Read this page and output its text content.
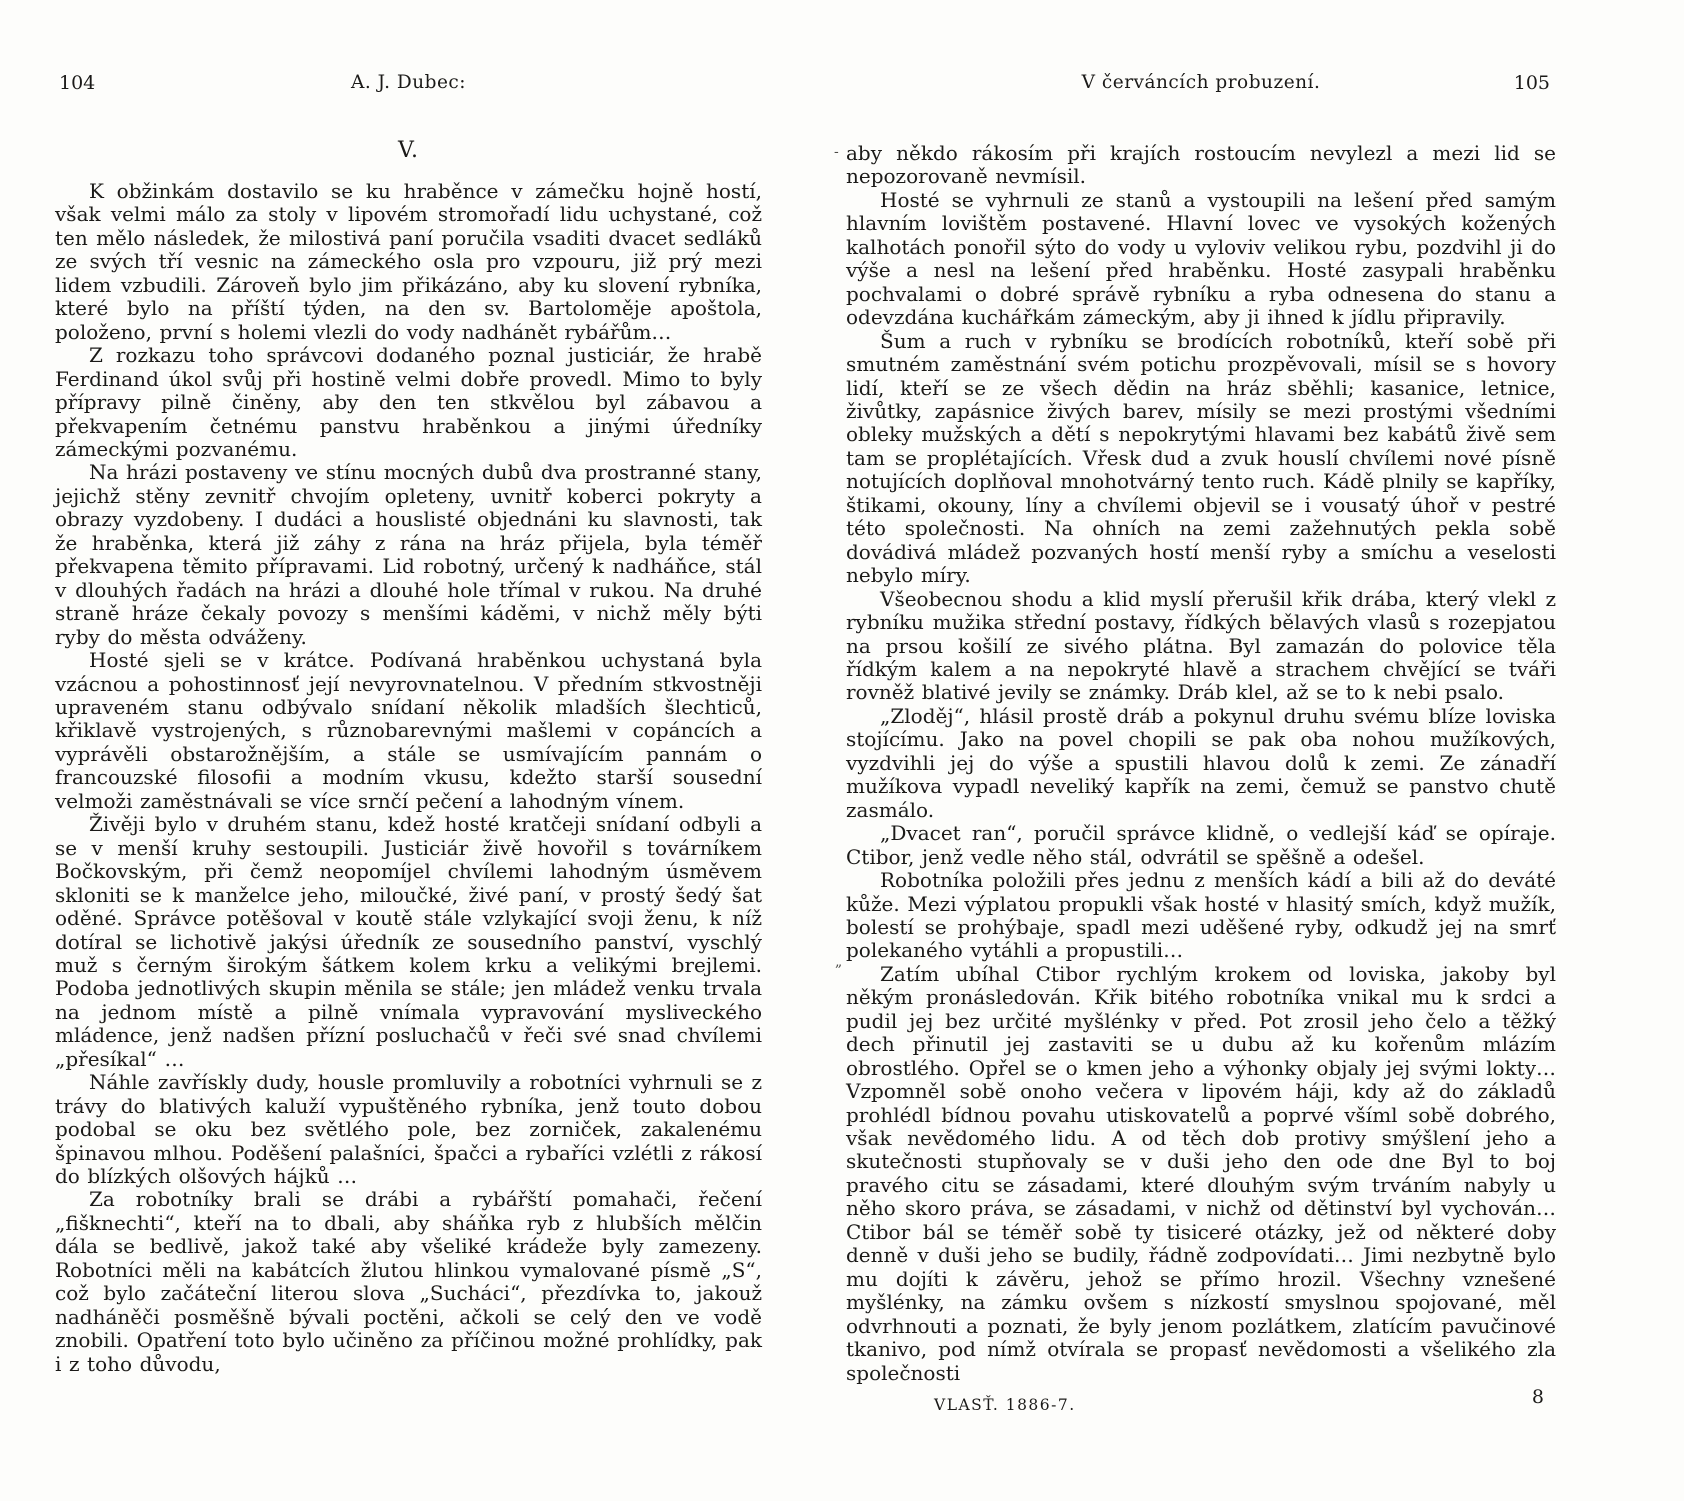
104	A. J. Dubec:
V.

K obžinkám dostavilo se ku hraběnce v zámečku hojně hostí, však velmi málo za stoly v lipovém stromořadí lidu uchystané, což ten mělo následek, že milostivá paní poručila vsaditi dvacet sedláků ze svých tří vesnic na zámeckého osla pro vzpouru, již prý mezi lidem vzbudili. Zároveň bylo jim přikázáno, aby ku slovení rybníka, které bylo na příští týden, na den sv. Bartoloměje apoštola, položeno, první s holemi vlezli do vody nadhánět rybářům…

Z rozkazu toho správcovi dodaného poznal justiciár, že hrabě Ferdinand úkol svůj při hostině velmi dobře provedl. Mimo to byly přípravy pilně činěny, aby den ten stkvělou byl zábavou a překvapením četnému panstvu hraběnkou a jinými úředníky zámeckými pozvanému.

Na hrázi postaveny ve stínu mocných dubů dva prostranné stany, jejichž stěny zevnitř chvojím opleteny, uvnitř koberci pokryty a obrazy vyzdobeny. I dudáci a houslisté objednáni ku slavnosti, tak že hraběnka, která již záhy z rána na hráz přijela, byla téměř překvapena těmito přípravami. Lid robotný, určený k nadháňce, stál v dlouhých řadách na hrázi a dlouhé hole třímal v rukou. Na druhé straně hráze čekaly povozy s menšími káděmi, v nichž měly býti ryby do města odváženy.

Hosté sjeli se v krátce. Podívaná hraběnkou uchystaná byla vzácnou a pohostinnosť její nevyrovnatelnou. V předním stkvostněji upraveném stanu odbývalo snídaní několik mladších šlechticů, křiklavě vystrojených, s různobarevnými mašlemi v copáncích a vyprávěli obstarožnějším, a stále se usmívajícím pannám o francouzské filosofii a modním vkusu, kdežto starší sousední velmoži zaměstnávali se více srnčí pečení a lahodným vínem.

Živěji bylo v druhém stanu, kdež hosté kratčeji snídaní odbyli a se v menší kruhy sestoupili. Justiciár živě hovořil s továrníkem Bočkovským, při čemž neopomíjel chvílemi lahodným úsměvem skloniti se k manželce jeho, miloučké, živé paní, v prostý šedý šat oděné. Správce potěšoval v koutě stále vzlykající svoji ženu, k níž dotíral se lichotivě jakýsi úředník ze sousedního panství, vyschlý muž s černým širokým šátkem kolem krku a velikými brejlemi. Podoba jednotlivých skupin měnila se stále; jen mládež venku trvala na jednom místě a pilně vnímala vypravování mysliveckého mládence, jenž nadšen přízní posluchačů v řeči své snad chvílemi „přesíkal“ …

Náhle zavřískly dudy, housle promluvily a robotníci vyhrnuli se z trávy do blativých kaluží vypuštěného rybníka, jenž touto dobou podobal se oku bez světlého pole, bez zorniček, zakalenému špinavou mlhou. Poděšení palašníci, špačci a rybaříci vzlétli z rákosí do blízkých olšových hájků …

Za robotníky brali se drábi a rybářští pomahači, řečení „fišknechti“, kteří na to dbali, aby sháňka ryb z hlubších mělčin dála se bedlivě, jakož také aby všeliké krádeže byly zamezeny. Robotníci měli na kabátcích žlutou hlinkou vymalované písmě „S“, což bylo začáteční literou slova „Sucháci“, přezdívka to, jakouž nadháněči posměšně bývali poctěni, ačkoli se celý den ve vodě znobili. Opatření toto bylo učiněno za příčinou možné prohlídky, pak i z toho důvodu,

V červáncích probuzení.	105
-
„

aby někdo rákosím při krajích rostoucím nevylezl a mezi lid se nepozorovaně nevmísil.

Hosté se vyhrnuli ze stanů a vystoupili na lešení před samým hlavním lovištěm postavené. Hlavní lovec ve vysokých kožených kalhotách ponořil sýto do vody u vyloviv velikou rybu, pozdvihl ji do výše a nesl na lešení před hraběnku. Hosté zasypali hraběnku pochvalami o dobré správě rybníku a ryba odnesena do stanu a odevzdána kuchářkám zámeckým, aby ji ihned k jídlu připravily.

Šum a ruch v rybníku se brodících robotníků, kteří sobě při smutném zaměstnání svém potichu prozpěvovali, mísil se s hovory lidí, kteří se ze všech dědin na hráz sběhli; kasanice, letnice, živůtky, zapásnice živých barev, mísily se mezi prostými všedními obleky mužských a dětí s nepokrytými hlavami bez kabátů živě sem tam se proplétajících. Vřesk dud a zvuk houslí chvílemi nové písně notujících doplňoval mnohotvárný tento ruch. Kádě plnily se kapříky, štikami, okouny, líny a chvílemi objevil se i vousatý úhoř v pestré této společnosti. Na ohních na zemi zažehnutých pekla sobě dovádivá mládež pozvaných hostí menší ryby a smíchu a veselosti nebylo míry.

Všeobecnou shodu a klid myslí přerušil křik drába, který vlekl z rybníku mužika střední postavy, řídkých bělavých vlasů s rozepjatou na prsou košilí ze sivého plátna. Byl zamazán do polovice těla řídkým kalem a na nepokryté hlavě a strachem chvějící se tváři rovněž blativé jevily se známky. Dráb klel, až se to k nebi psalo.

„Zloděj“, hlásil prostě dráb a pokynul druhu svému blíze loviska stojícímu. Jako na povel chopili se pak oba nohou mužíkových, vyzdvihli jej do výše a spustili hlavou dolů k zemi. Ze zánadří mužíkova vypadl neveliký kapřík na zemi, čemuž se panstvo chutě zasmálo.

„Dvacet ran“, poručil správce klidně, o vedlejší káď se opíraje. Ctibor, jenž vedle něho stál, odvrátil se spěšně a odešel.

Robotníka položili přes jednu z menších kádí a bili až do deváté kůže. Mezi výplatou propukli však hosté v hlasitý smích, když mužík, bolestí se prohýbaje, spadl mezi uděšené ryby, odkudž jej na smrť polekaného vytáhli a propustili…

Zatím ubíhal Ctibor rychlým krokem od loviska, jakoby byl někým pronásledován. Křik bitého robotníka vnikal mu k srdci a pudil jej bez určité myšlénky v před. Pot zrosil jeho čelo a těžký dech přinutil jej zastaviti se u dubu až ku kořenům mlázím obrostlého. Opřel se o kmen jeho a výhonky objaly jej svými lokty… Vzpomněl sobě onoho večera v lipovém háji, kdy až do základů prohlédl bídnou povahu utiskovatelů a poprvé všíml sobě dobrého, však nevědomého lidu. A od těch dob protivy smýšlení jeho a skutečnosti stupňovaly se v duši jeho den ode dne Byl to boj pravého citu se zásadami, které dlouhým svým trváním nabyly u něho skoro práva, se zásadami, v nichž od dětinství byl vychován… Ctibor bál se téměř sobě ty tisiceré otázky, jež od některé doby denně v duši jeho se budily, řádně zodpovídati… Jimi nezbytně bylo mu dojíti k závěru, jehož se přímo hrozil. Všechny vznešené myšlénky, na zámku ovšem s nízkostí smyslnou spojované, měl odvrhnouti a poznati, že byly jenom pozlátkem, zlatícím pavučinové tkanivo, pod nímž otvírala se propasť nevědomosti a všelikého zla společnosti

VLASŤ. 1886-7.	8
